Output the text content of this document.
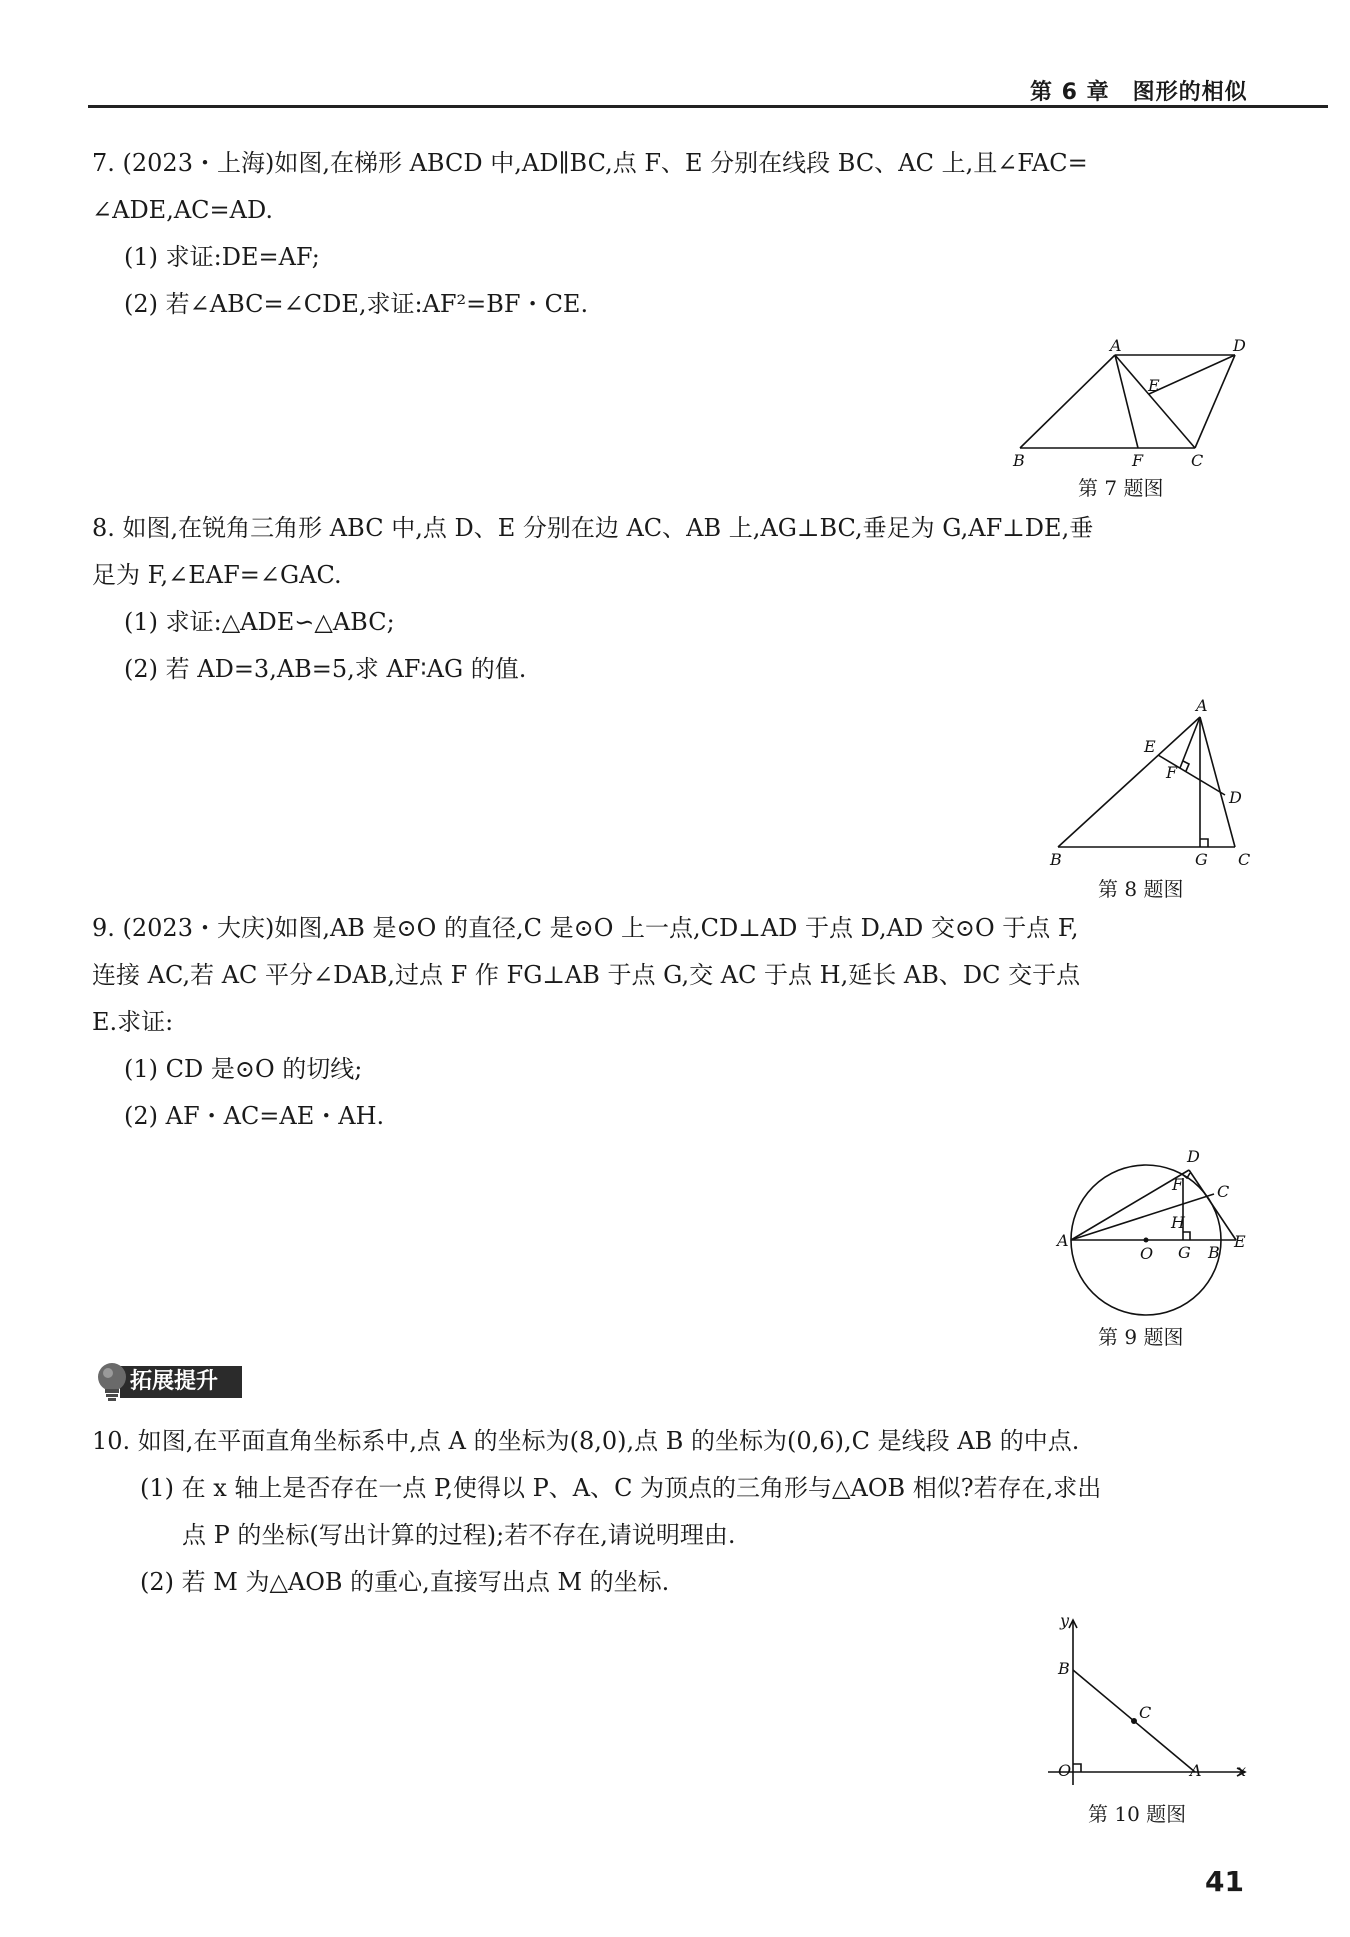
第 6 章　图形的相似

7. (2023・上海)如图,在梯形 ABCD 中,AD∥BC,点 F、E 分别在线段 BC、AC 上,且∠FAC=

∠ADE,AC=AD.

(1) 求证:DE=AF;

(2) 若∠ABC=∠CDE,求证:AF²=BF・CE.

A	D
E
B	F	C
第 7 题图

8. 如图,在锐角三角形 ABC 中,点 D、E 分别在边 AC、AB 上,AG⊥BC,垂足为 G,AF⊥DE,垂

足为 F,∠EAF=∠GAC.

(1) 求证:△ADE∽△ABC;

(2) 若 AD=3,AB=5,求 AF∶AG 的值.

A
E
F
D
B	G C
第 8 题图

9. (2023・大庆)如图,AB 是⊙O 的直径,C 是⊙O 上一点,CD⊥AD 于点 D,AD 交⊙O 于点 F,

连接 AC,若 AC 平分∠DAB,过点 F 作 FG⊥AB 于点 G,交 AC 于点 H,延长 AB、DC 交于点

E.求证:

(1) CD 是⊙O 的切线;

(2) AF・AC=AE・AH.

D
F C
H
A
O G B
E
第 9 题图
拓展提升

10. 如图,在平面直角坐标系中,点 A 的坐标为(8,0),点 B 的坐标为(0,6),C 是线段 AB 的中点.

(1) 在 x 轴上是否存在一点 P,使得以 P、A、C 为顶点的三角形与△AOB 相似?若存在,求出

点 P 的坐标(写出计算的过程);若不存在,请说明理由.

(2) 若 M 为△AOB 的重心,直接写出点 M 的坐标.

y
B
C
O	A x
第 10 题图
41
